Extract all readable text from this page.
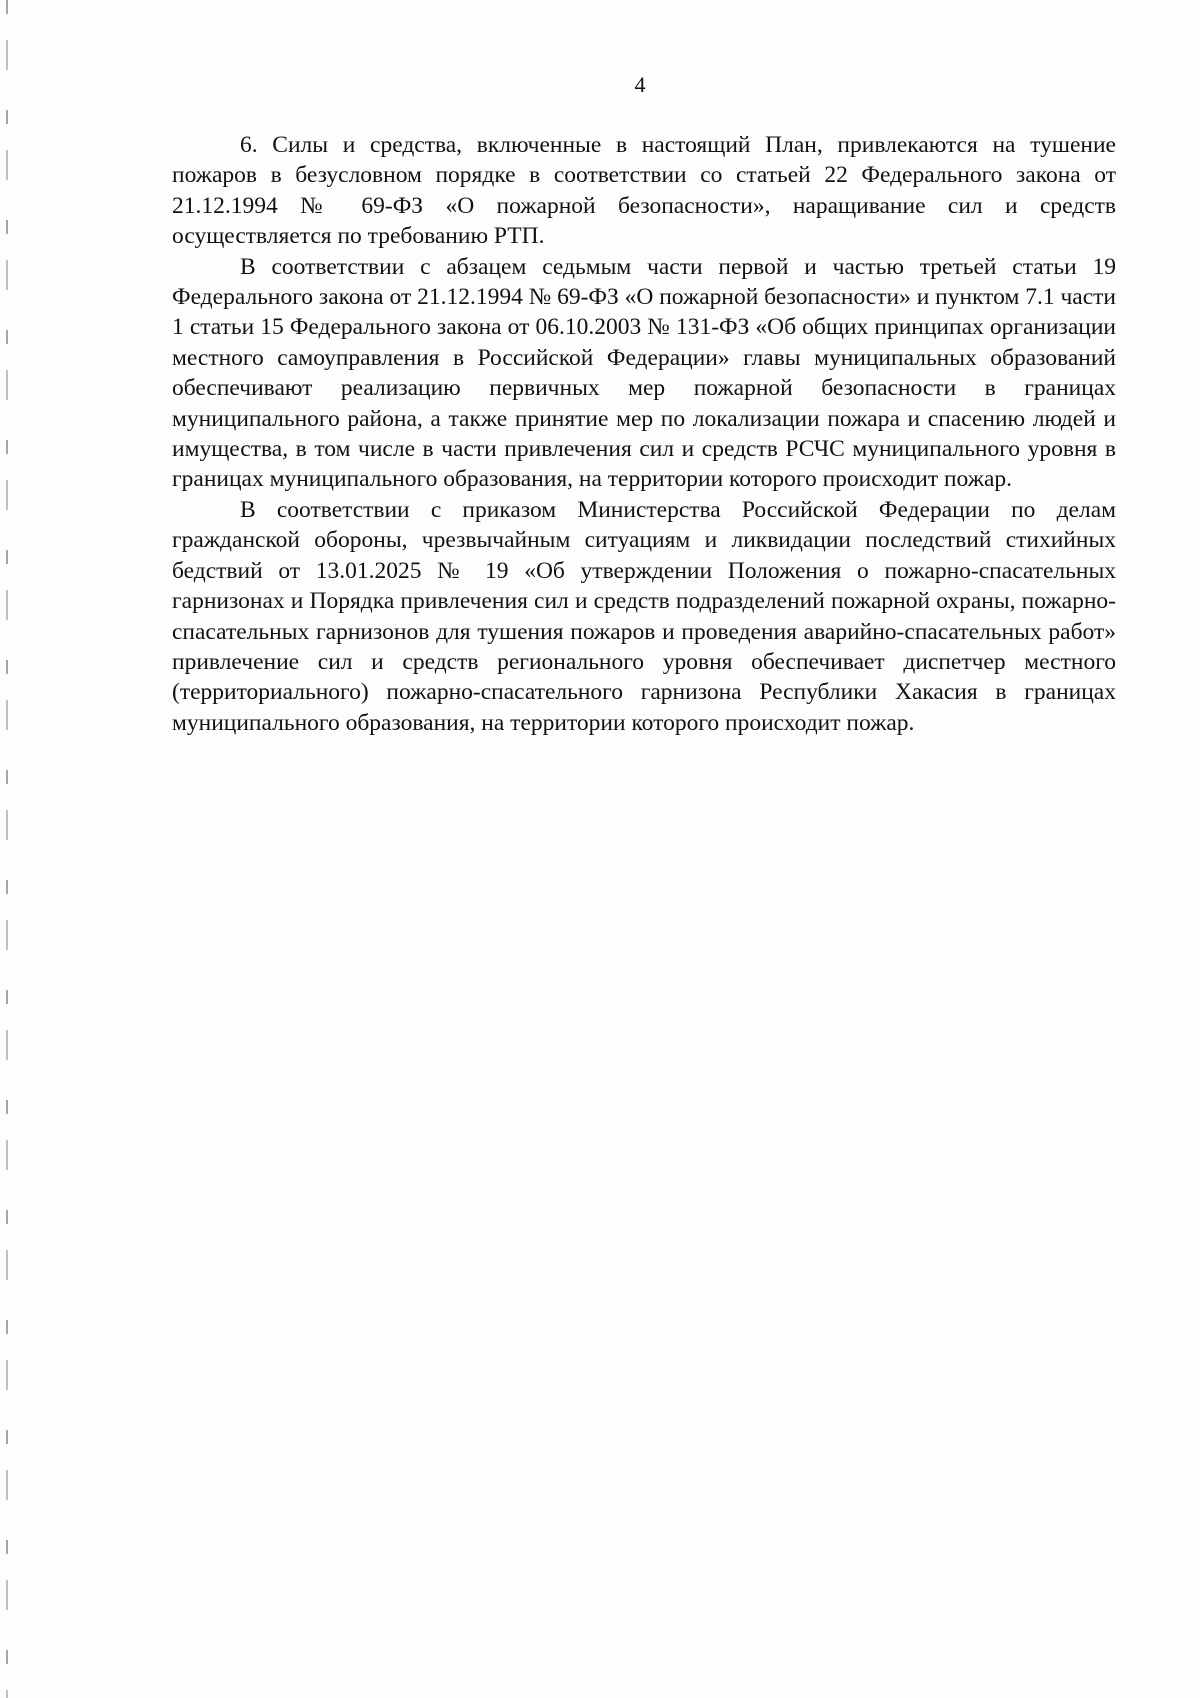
4

6. Силы и средства, включенные в настоящий План, привлекаются на тушение пожаров в безусловном порядке в соответствии со статьей 22 Федерального закона от 21.12.1994 № 69-ФЗ «О пожарной безопасности», наращивание сил и средств осуществляется по требованию РТП.

В соответствии с абзацем седьмым части первой и частью третьей статьи 19 Федерального закона от 21.12.1994 № 69-ФЗ «О пожарной безопасности» и пунктом 7.1 части 1 статьи 15 Федерального закона от 06.10.2003 № 131-ФЗ «Об общих принципах организации местного самоуправления в Российской Федерации» главы муниципальных образований обеспечивают реализацию первичных мер пожарной безопасности в границах муниципального района, а также принятие мер по локализации пожара и спасению людей и имущества, в том числе в части привлечения сил и средств РСЧС муниципального уровня в границах муниципального образования, на территории которого происходит пожар.

В соответствии с приказом Министерства Российской Федерации по делам гражданской обороны, чрезвычайным ситуациям и ликвидации последствий стихийных бедствий от 13.01.2025 № 19 «Об утверждении Положения о пожарно-спасательных гарнизонах и Порядка привлечения сил и средств подразделений пожарной охраны, пожарно-спасательных гарнизонов для тушения пожаров и проведения аварийно-спасательных работ» привлечение сил и средств регионального уровня обеспечивает диспетчер местного (территориального) пожарно-спасательного гарнизона Республики Хакасия в границах муниципального образования, на территории которого происходит пожар.
